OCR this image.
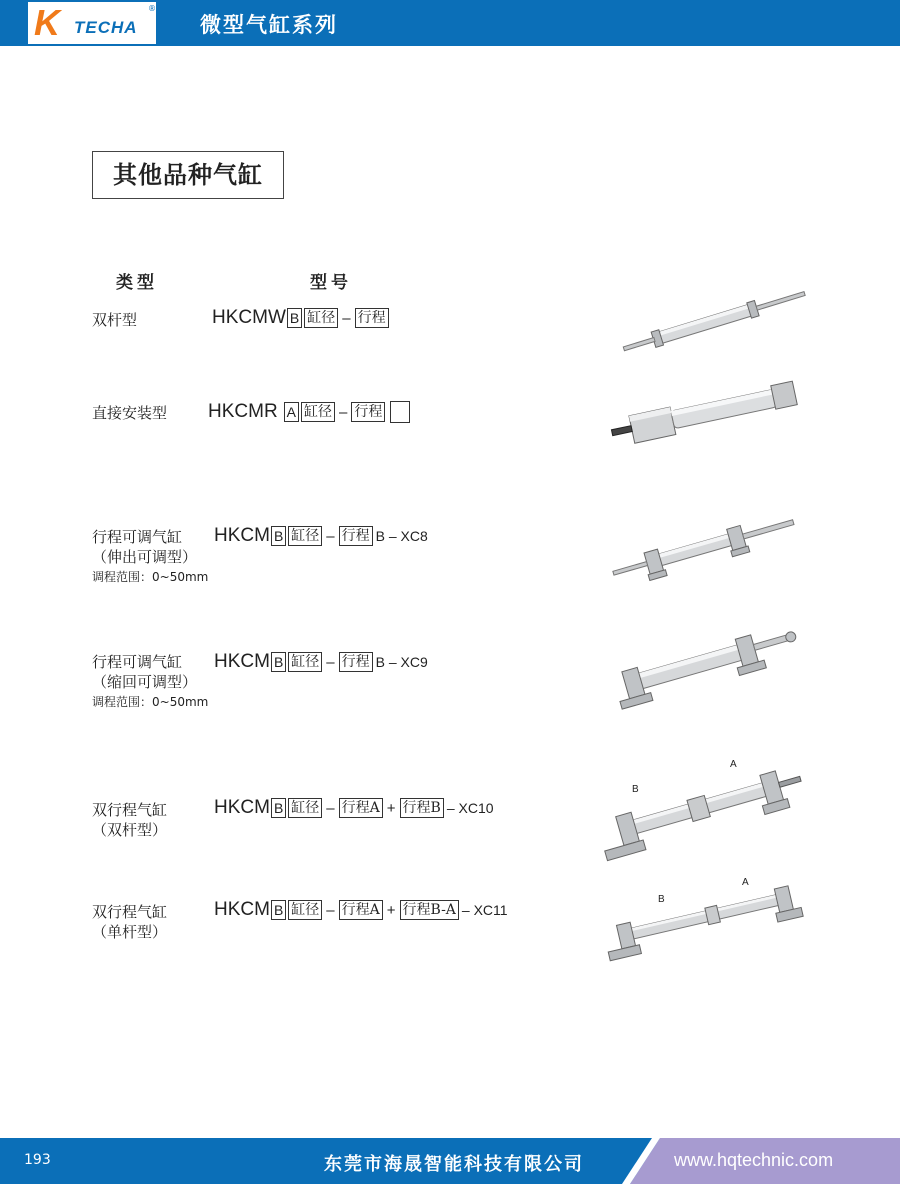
K TECHA
®
微型气缸系列
其他品种气缸
类型	型号
双杆型	HKCMW B 缸径 – 行程
直接安装型 HKCMR A 缸径 – 行程
行程可调气缸
（伸出可调型）
调程范围：0~50mm
HKCM B 缸径 – 行程 B – XC8
行程可调气缸
（缩回可调型）
调程范围：0~50mm
HKCM B 缸径 – 行程 B – XC9
双行程气缸
（双杆型）
HKCM B 缸径 – 行程A + 行程B – XC10
A
B
双行程气缸
（单杆型）
HKCM B 缸径 – 行程A + 行程B-A – XC11
A
B
193	东莞市海晟智能科技有限公司	www.hqtechnic.com
